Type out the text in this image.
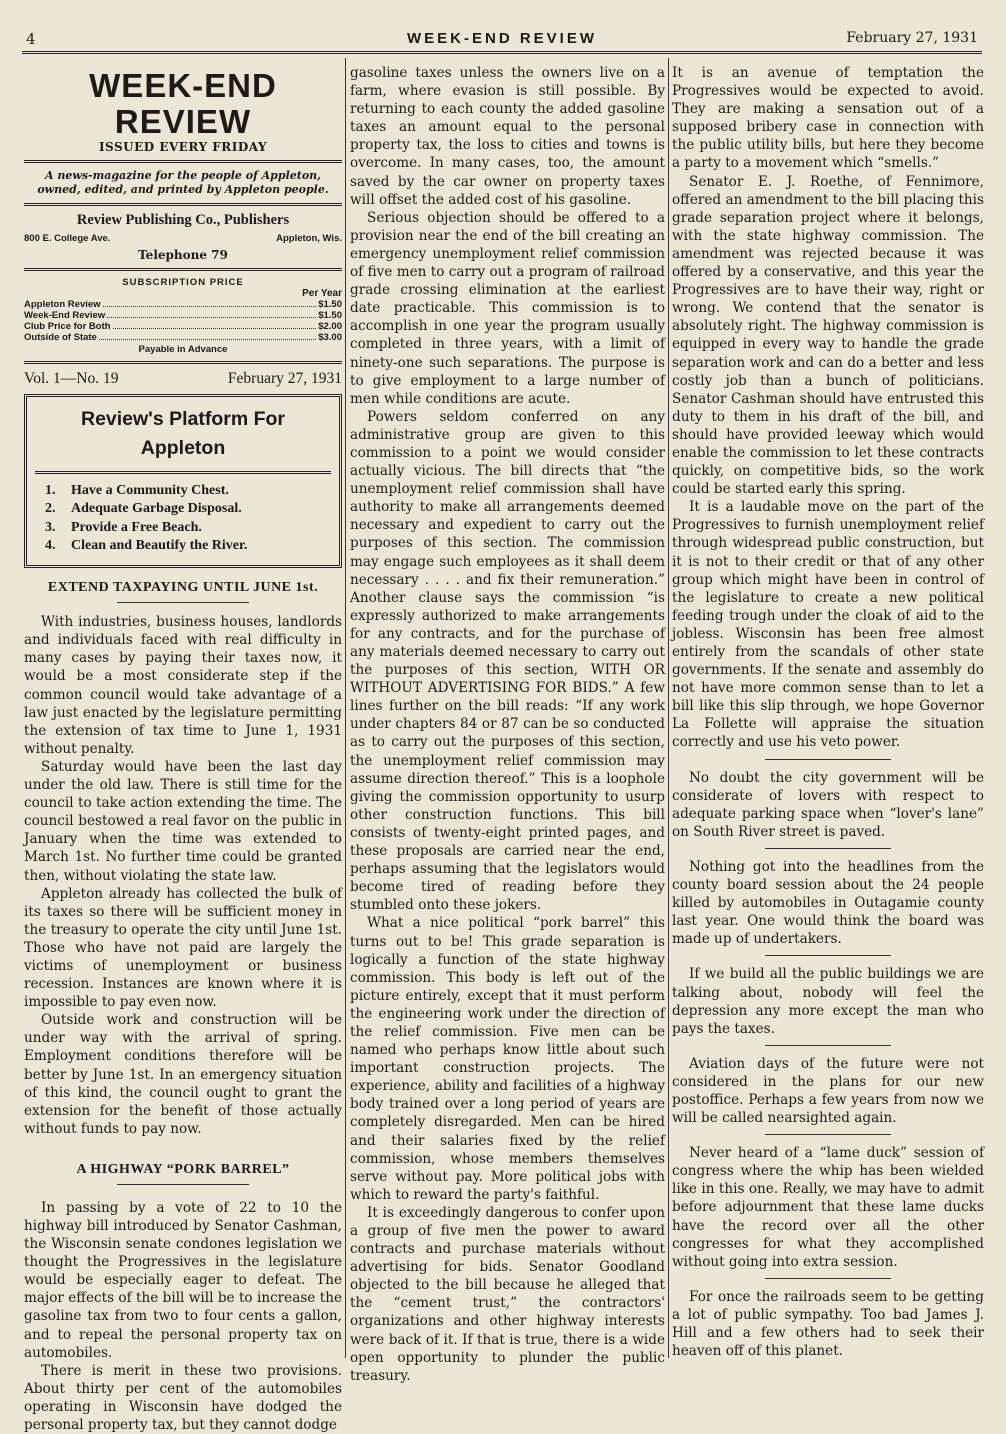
4	WEEK-END REVIEW	February 27, 1931
WEEK-END REVIEW
ISSUED EVERY FRIDAY
A news-magazine for the people of Appleton,
owned, edited, and printed by Appleton people.
Review Publishing Co., Publishers
800 E. College Ave.	Appleton, Wis.
Telephone 79
SUBSCRIPTION PRICE
Per Year
Appleton Review	$1.50
Week-End Review	$1.50
Club Price for Both	$2.00
Outside of State	$3.00
Payable in Advance
Vol. 1—No. 19	February 27, 1931
Review's Platform For
Appleton
1. Have a Community Chest.
2. Adequate Garbage Disposal.
3. Provide a Free Beach.
4. Clean and Beautify the River.
EXTEND TAXPAYING UNTIL JUNE 1st.

With industries, business houses, landlords and individuals faced with real difficulty in many cases by paying their taxes now, it would be a most considerate step if the common council would take advantage of a law just enacted by the legislature permitting the extension of tax time to June 1, 1931 without penalty.

Saturday would have been the last day under the old law. There is still time for the council to take action extending the time. The council bestowed a real favor on the public in January when the time was extended to March 1st. No further time could be granted then, without violating the state law.

Appleton already has collected the bulk of its taxes so there will be sufficient money in the treasury to operate the city until June 1st. Those who have not paid are largely the victims of unemployment or business recession. Instances are known where it is impossible to pay even now.

Outside work and construction will be under way with the arrival of spring. Employment conditions therefore will be better by June 1st. In an emergency situation of this kind, the council ought to grant the extension for the benefit of those actually without funds to pay now.

A HIGHWAY “PORK BARREL”

In passing by a vote of 22 to 10 the highway bill introduced by Senator Cashman, the Wisconsin senate condones legislation we thought the Progressives in the legislature would be especially eager to defeat. The major effects of the bill will be to increase the gasoline tax from two to four cents a gallon, and to repeal the personal property tax on automobiles.

There is merit in these two provisions. About thirty per cent of the automobiles operating in Wisconsin have dodged the personal property tax, but they cannot dodge

gasoline taxes unless the owners live on a farm, where evasion is still possible. By returning to each county the added gasoline taxes an amount equal to the personal property tax, the loss to cities and towns is overcome. In many cases, too, the amount saved by the car owner on property taxes will offset the added cost of his gasoline.

Serious objection should be offered to a provision near the end of the bill creating an emergency unemployment relief commission of five men to carry out a program of railroad grade crossing elimination at the earliest date practicable. This commission is to accomplish in one year the program usually completed in three years, with a limit of ninety-one such separations. The purpose is to give employment to a large number of men while conditions are acute.

Powers seldom conferred on any administrative group are given to this commission to a point we would consider actually vicious. The bill directs that “the unemployment relief commission shall have authority to make all arrangements deemed necessary and expedient to carry out the purposes of this section. The commission may engage such employees as it shall deem necessary . . . . and fix their remuneration.” Another clause says the commission “is expressly authorized to make arrangements for any contracts, and for the purchase of any materials deemed necessary to carry out the purposes of this section, WITH OR WITHOUT ADVERTISING FOR BIDS.” A few lines further on the bill reads: “If any work under chapters 84 or 87 can be so conducted as to carry out the purposes of this section, the unemployment relief commission may assume direction thereof.” This is a loophole giving the commission opportunity to usurp other construction functions. This bill consists of twenty-eight printed pages, and these proposals are carried near the end, perhaps assuming that the legislators would become tired of reading before they stumbled onto these jokers.

What a nice political “pork barrel” this turns out to be! This grade separation is logically a function of the state highway commission. This body is left out of the picture entirely, except that it must perform the engineering work under the direction of the relief commission. Five men can be named who perhaps know little about such important construction projects. The experience, ability and facilities of a highway body trained over a long period of years are completely disregarded. Men can be hired and their salaries fixed by the relief commission, whose members themselves serve without pay. More political jobs with which to reward the party's faithful.

It is exceedingly dangerous to confer upon a group of five men the power to award contracts and purchase materials without advertising for bids. Senator Goodland objected to the bill because he alleged that the “cement trust,” the contractors' organizations and other highway interests were back of it. If that is true, there is a wide open opportunity to plunder the public treasury.

It is an avenue of temptation the Progressives would be expected to avoid. They are making a sensation out of a supposed bribery case in connection with the public utility bills, but here they become a party to a movement which “smells.”

Senator E. J. Roethe, of Fennimore, offered an amendment to the bill placing this grade separation project where it belongs, with the state highway commission. The amendment was rejected because it was offered by a conservative, and this year the Progressives are to have their way, right or wrong. We contend that the senator is absolutely right. The highway commission is equipped in every way to handle the grade separation work and can do a better and less costly job than a bunch of politicians. Senator Cashman should have entrusted this duty to them in his draft of the bill, and should have provided leeway which would enable the commission to let these contracts quickly, on competitive bids, so the work could be started early this spring.

It is a laudable move on the part of the Progressives to furnish unemployment relief through widespread public construction, but it is not to their credit or that of any other group which might have been in control of the legislature to create a new political feeding trough under the cloak of aid to the jobless. Wisconsin has been free almost entirely from the scandals of other state governments. If the senate and assembly do not have more common sense than to let a bill like this slip through, we hope Governor La Follette will appraise the situation correctly and use his veto power.

No doubt the city government will be considerate of lovers with respect to adequate parking space when “lover's lane” on South River street is paved.

Nothing got into the headlines from the county board session about the 24 people killed by automobiles in Outagamie county last year. One would think the board was made up of undertakers.

If we build all the public buildings we are talking about, nobody will feel the depression any more except the man who pays the taxes.

Aviation days of the future were not considered in the plans for our new postoffice. Perhaps a few years from now we will be called nearsighted again.

Never heard of a “lame duck” session of congress where the whip has been wielded like in this one. Really, we may have to admit before adjournment that these lame ducks have the record over all the other congresses for what they accomplished without going into extra session.

For once the railroads seem to be getting a lot of public sympathy. Too bad James J. Hill and a few others had to seek their heaven off of this planet.
